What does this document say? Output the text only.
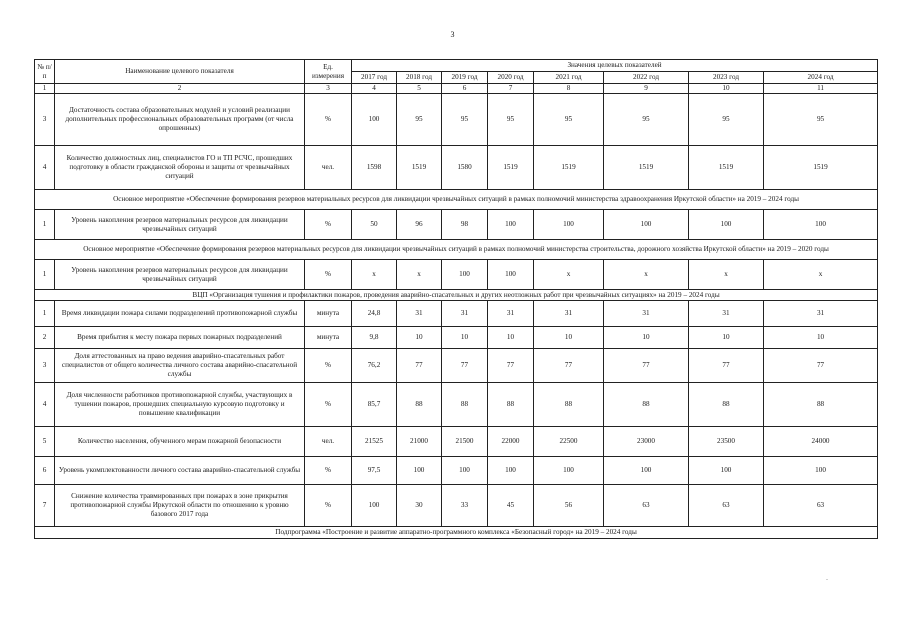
3
№ п/п	Наименование целевого показателя	Ед. измерения	Значения целевых показателей							
			2017 год	2018 год	2019 год	2020 год	2021 год	2022 год	2023 год	2024 год
1	2	3	4	5	6	7	8	9	10	11
3	Достаточность состава образовательных модулей и условий реализации дополнительных профессиональных образовательных программ (от числа опрошенных)	%	100	95	95	95	95	95	95	95
4	Количество должностных лиц, специалистов ГО и ТП РСЧС, прошедших подготовку в области гражданской обороны и защиты от чрезвычайных ситуаций	чел.	1598	1519	1580	1519	1519	1519	1519	1519
Основное мероприятие «Обеспечение формирования резервов материальных ресурсов для ликвидации чрезвычайных ситуаций в рамках полномочий министерства здравоохранения Иркутской области» на 2019 – 2024 годы										
1	Уровень накопления резервов материальных ресурсов для ликвидации чрезвычайных ситуаций	%	50	96	98	100	100	100	100	100
Основное мероприятие «Обеспечение формирования резервов материальных ресурсов для ликвидации чрезвычайных ситуаций в рамках полномочий министерства строительства, дорожного хозяйства Иркутской области» на 2019 – 2020 годы										
1	Уровень накопления резервов материальных ресурсов для ликвидации чрезвычайных ситуаций	%	x	x	100	100	x	x	x	x
ВЦП «Организация тушения и профилактики пожаров, проведения аварийно-спасательных и других неотложных работ при чрезвычайных ситуациях» на 2019 – 2024 годы										
1	Время ликвидации пожара силами подразделений противопожарной службы	минута	24,8	31	31	31	31	31	31	31
2	Время прибытия к месту пожара первых пожарных подразделений	минута	9,8	10	10	10	10	10	10	10
3	Доля аттестованных на право ведения аварийно-спасательных работ специалистов от общего количества личного состава аварийно-спасательной службы	%	76,2	77	77	77	77	77	77	77
4	Доля численности работников противопожарной службы, участвующих в тушении пожаров, прошедших специальную курсовую подготовку и повышение квалификации	%	85,7	88	88	88	88	88	88	88
5	Количество населения, обученного мерам пожарной безопасности	чел.	21525	21000	21500	22000	22500	23000	23500	24000
6	Уровень укомплектованности личного состава аварийно-спасательной службы	%	97,5	100	100	100	100	100	100	100
7	Снижение количества травмированных при пожарах в зоне прикрытия противопожарной службы Иркутской области по отношению к уровню базового 2017 года	%	100	30	33	45	56	63	63	63
Подпрограмма «Построение и развитие аппаратно-программного комплекса «Безопасный город» на 2019 – 2024 годы										
.
